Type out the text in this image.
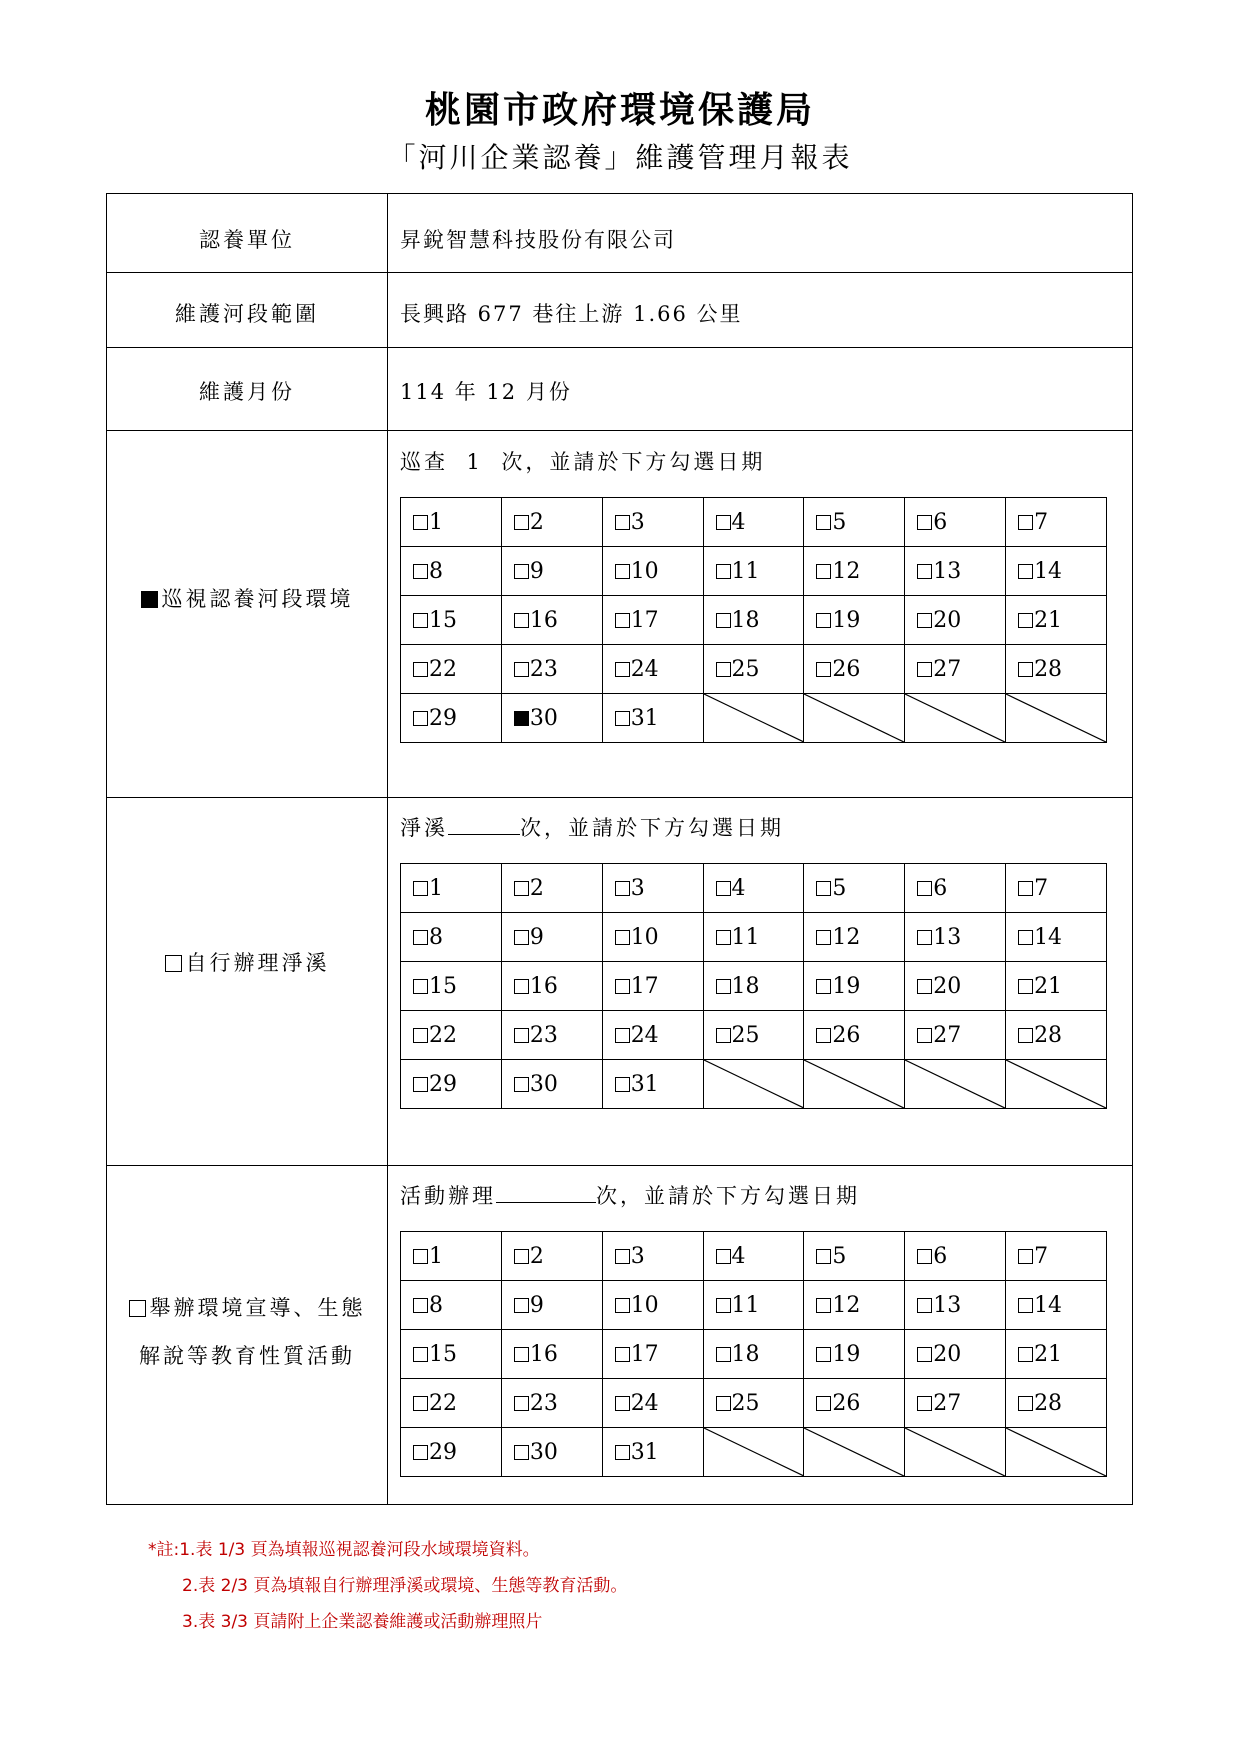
桃園市政府環境保護局
「河川企業認養」維護管理月報表
認養單位	昇銳智慧科技股份有限公司
維護河段範圍	長興路 677 巷往上游 1.66 公里
維護月份	114 年 12 月份
巡視認養河段環境
巡查 1 次，並請於下方勾選日期
1	2	3	4	5	6	7
8	9	10	11	12	13	14
15	16	17	18	19	20	21
22	23	24	25	26	27	28
29	30	31	

自行辦理淨溪
淨溪	次，並請於下方勾選日期
1	2	3	4	5	6	7
8	9	10	11	12	13	14
15	16	17	18	19	20	21
22	23	24	25	26	27	28
29	30	31	

舉辦環境宣導、生態
解說等教育性質活動
活動辦理	次，並請於下方勾選日期
1	2	3	4	5	6	7
8	9	10	11	12	13	14
15	16	17	18	19	20	21
22	23	24	25	26	27	28
29	30	31	

*註:1.表 1/3 頁為填報巡視認養河段水域環境資料。
2.表 2/3 頁為填報自行辦理淨溪或環境、生態等教育活動。
3.表 3/3 頁請附上企業認養維護或活動辦理照片
